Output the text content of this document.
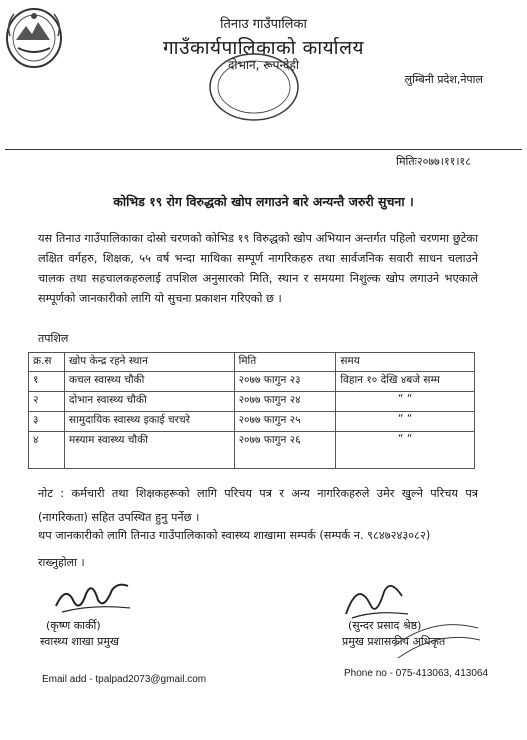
तिनाउ गाउँपालिका
गाउँकार्यपालिकाको कार्यालय
दोभान, रूपन्देही
लुम्बिनी प्रदेश,नेपाल
मितिः२०७७।११।१८
कोभिड १९ रोग विरुद्धको खोप लगाउने बारे अन्यन्तै जरुरी सुचना ।
यस तिनाउ गाउँपालिकाका दोस्रो चरणको कोभिड १९ विरुद्धको खोप अभियान अन्तर्गत पहिलो चरणमा छुटेका लक्षित वर्गहरु, शिक्षक, ५५ वर्ष भन्दा माथिका सम्पूर्ण नागरिकहरु तथा सार्वजनिक सवारी साधन चलाउने चालक तथा सहचालकहरुलाई तपशिल अनुसारको मिति, स्थान र समयमा निशुल्क खोप लगाउने भएकाले सम्पूर्णको जानकारीको लागि यो सुचना प्रकाशन गरिएको छ ।
तपशिल
क्र.स	खोप केन्द्र रहने स्थान	मिति	समय
१	कचल स्वास्थ्य चौकी	२०७७ फागुन २३	विहान १० देखि ४बजे सम्म
२	दोभान स्वास्थ्य चौकी	२०७७ फागुन २४	“ “
३	सामुदायिक स्वास्थ्य इकाई चरचरे	२०७७ फागुन २५	“ “
४	मस्याम स्वास्थ्य चौकी	२०७७ फागुन २६	“ “
नोट : कर्मचारी तथा शिक्षकहरूको लागि परिचय पत्र र अन्य नागरिकहरुले उमेर खुल्ने परिचय पत्र (नागरिकता) सहित उपस्थित हुनु पर्नेछ ।
थप जानकारीको लागि तिनाउ गाउँपालिकाको स्वास्थ्य शाखामा सम्पर्क (सम्पर्क न. ९८४७२४३०८२)
राख्नुहोला ।
(कृष्ण कार्की)
स्वास्थ्य शाखा प्रमुख
(सुन्दर प्रसाद श्रेष्ठ)
प्रमुख प्रशासकीय अधिकृत
Email add - tpalpad2073@gmail.com
Phone no - 075-413063, 413064
